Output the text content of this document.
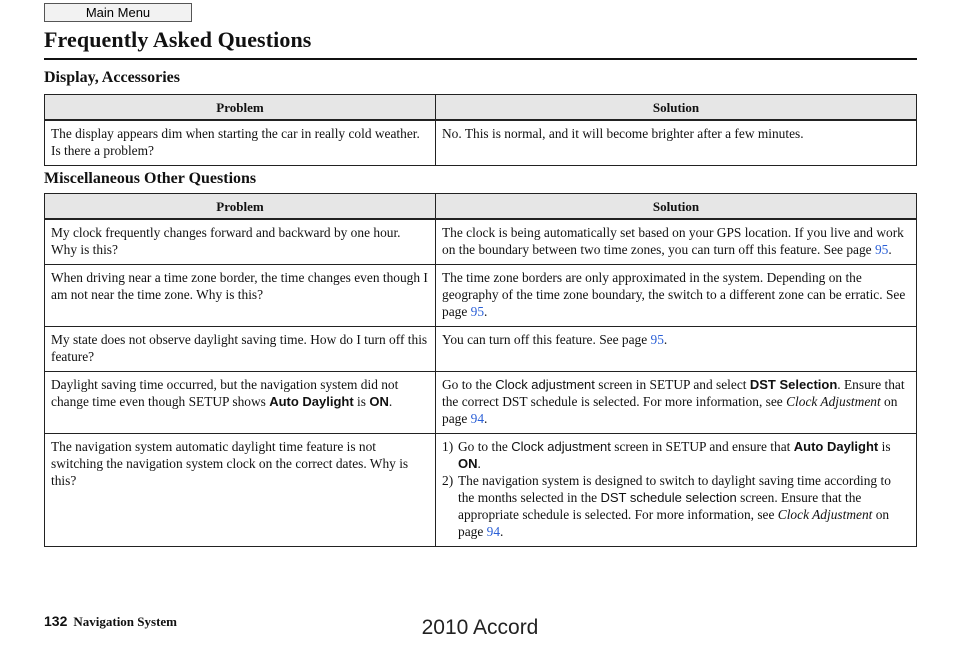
Main Menu
Frequently Asked Questions
Display, Accessories
Problem	Solution
The display appears dim when starting the car in really cold weather. Is there a problem?	No. This is normal, and it will become brighter after a few minutes.
Miscellaneous Other Questions
Problem	Solution
My clock frequently changes forward and backward by one hour. Why is this?	The clock is being automatically set based on your GPS location. If you live and work on the boundary between two time zones, you can turn off this feature. See page 95.
When driving near a time zone border, the time changes even though I am not near the time zone. Why is this?	The time zone borders are only approximated in the system. Depending on the geography of the time zone boundary, the switch to a different zone can be erratic. See page 95.
My state does not observe daylight saving time. How do I turn off this feature?	You can turn off this feature. See page 95.
Daylight saving time occurred, but the navigation system did not change time even though SETUP shows Auto Daylight is ON.	Go to the Clock adjustment screen in SETUP and select DST Selection. Ensure that the correct DST schedule is selected. For more information, see Clock Adjustment on page 94.
The navigation system automatic daylight time feature is not switching the navigation system clock on the correct dates. Why is this?	1) Go to the Clock adjustment screen in SETUP and ensure that Auto Daylight is ON.
2) The navigation system is designed to switch to daylight saving time according to the months selected in the DST schedule selection screen. Ensure that the appropriate schedule is selected. For more information, see Clock Adjustment on page 94.
132 Navigation System	2010 Accord
